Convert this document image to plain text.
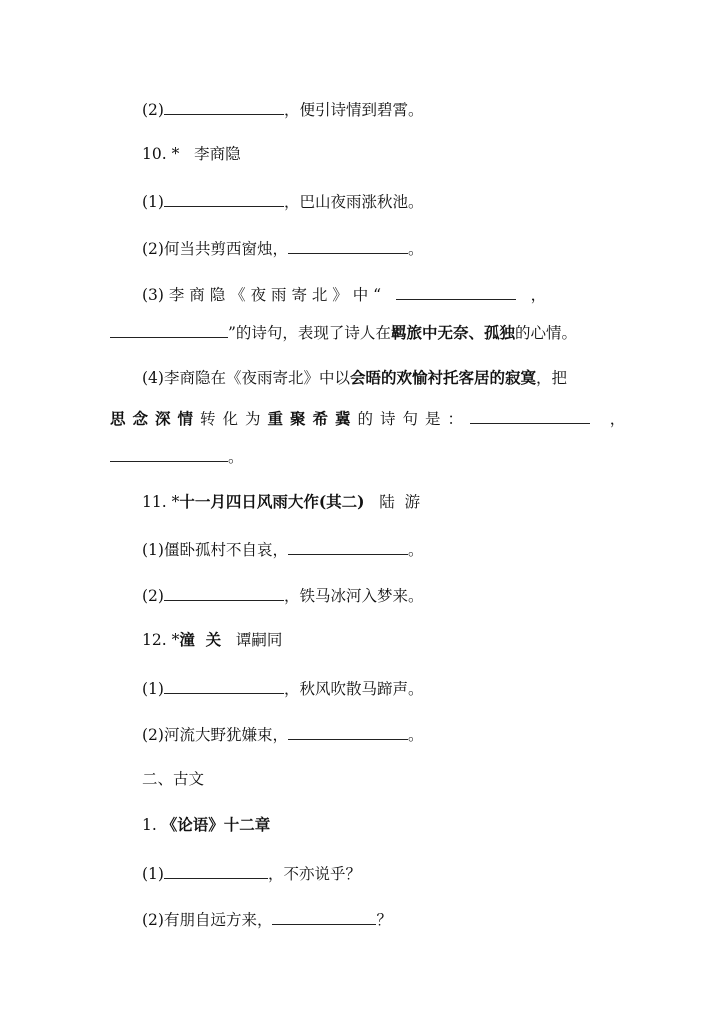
(2)	，便引诗情到碧霄。
10. * 李商隐
(1)	，巴山夜雨涨秋池。
(2)何当共剪西窗烛，	。
(3) 李 商 隐 《 夜 雨 寄 北 》 中 “	，
”的诗句，表现了诗人在羁旅中无奈、孤独的心情。
(4)李商隐在《夜雨寄北》中以会晤的欢愉衬托客居的寂寞，把
思念深情转化为重聚希冀的诗句是：	，
。
11. *十一月四日风雨大作(其二) 陆  游
(1)僵卧孤村不自哀，	。
(2)	，铁马冰河入梦来。
12. *潼  关 谭嗣同
(1)	，秋风吹散马蹄声。
(2)河流大野犹嫌束，	。
二、古文
1. 《论语》十二章
(1)	，不亦说乎？
(2)有朋自远方来，	？
